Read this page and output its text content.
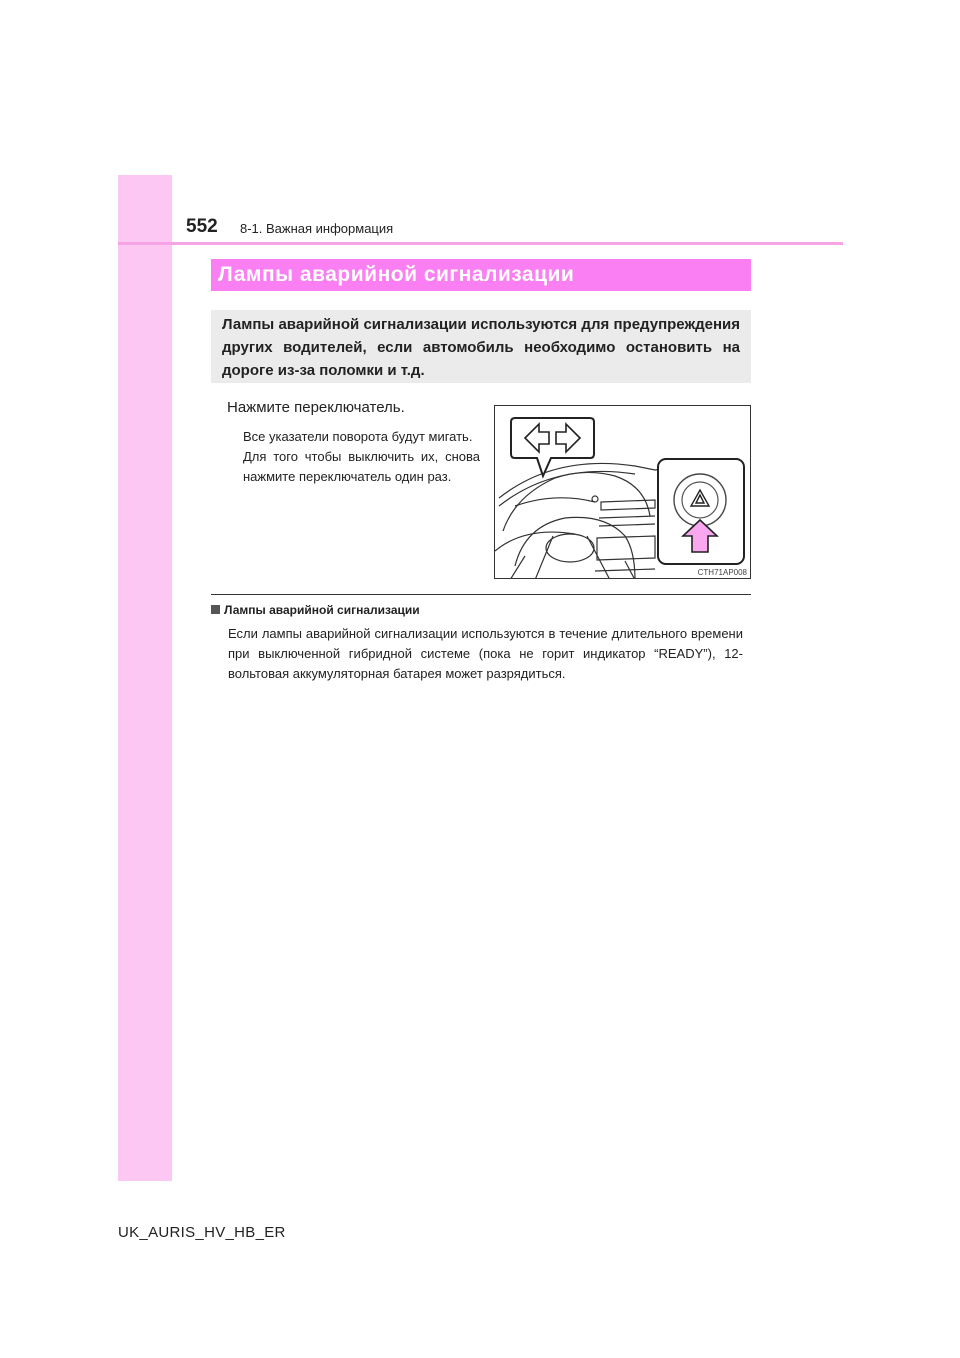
552 8-1. Важная информация
Лампы аварийной сигнализации
Лампы аварийной сигнализации используются для предупреждения других водителей, если автомобиль необходимо остановить на дороге из-за поломки и т.д.
Нажмите переключатель.

Все указатели поворота будут мигать.

Для того чтобы выключить их, снова нажмите переключатель один раз.

CTH71AP008
Лампы аварийной сигнализации
Если лампы аварийной сигнализации используются в течение длительного времени при выключенной гибридной системе (пока не горит индикатор “READY”), 12-вольтовая аккумуляторная батарея может разрядиться.
UK_AURIS_HV_HB_ER
